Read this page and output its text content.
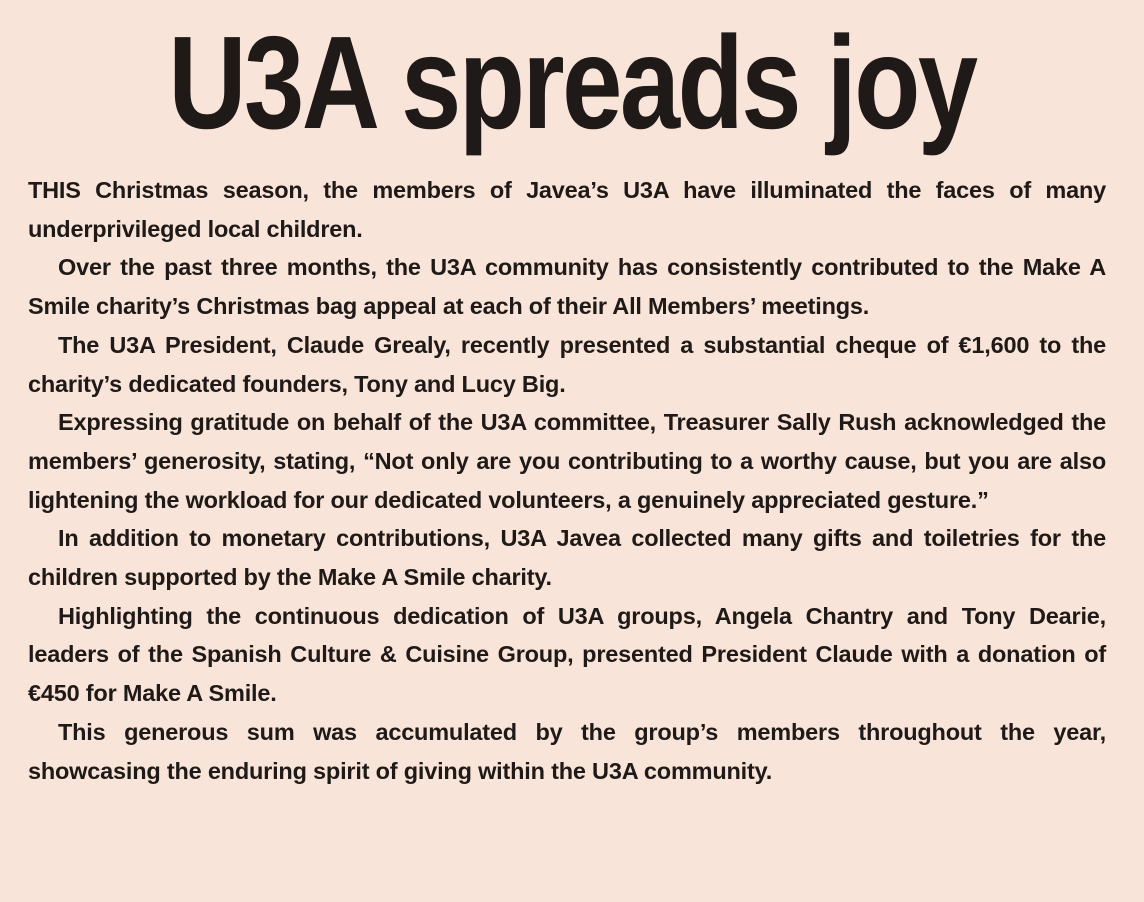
U3A spreads joy

THIS Christmas season, the members of Javea’s U3A have illuminated the faces of many underprivileged local children.

Over the past three months, the U3A community has consistently contributed to the Make A Smile charity’s Christmas bag appeal at each of their All Members’ meetings.

The U3A President, Claude Grealy, recently presented a substantial cheque of €1,600 to the charity’s dedicated founders, Tony and Lucy Big.

Expressing gratitude on behalf of the U3A committee, Treasurer Sally Rush acknowledged the members’ generosity, stating, “Not only are you contributing to a worthy cause, but you are also lightening the workload for our dedicated volunteers, a genuinely appreciated gesture.”

In addition to monetary contributions, U3A Javea collected many gifts and toiletries for the children supported by the Make A Smile charity.

Highlighting the continuous dedication of U3A groups, Angela Chantry and Tony Dearie, leaders of the Spanish Culture & Cuisine Group, presented President Claude with a donation of €450 for Make A Smile.

This generous sum was accumulated by the group’s members throughout the year, showcasing the enduring spirit of giving within the U3A community.
